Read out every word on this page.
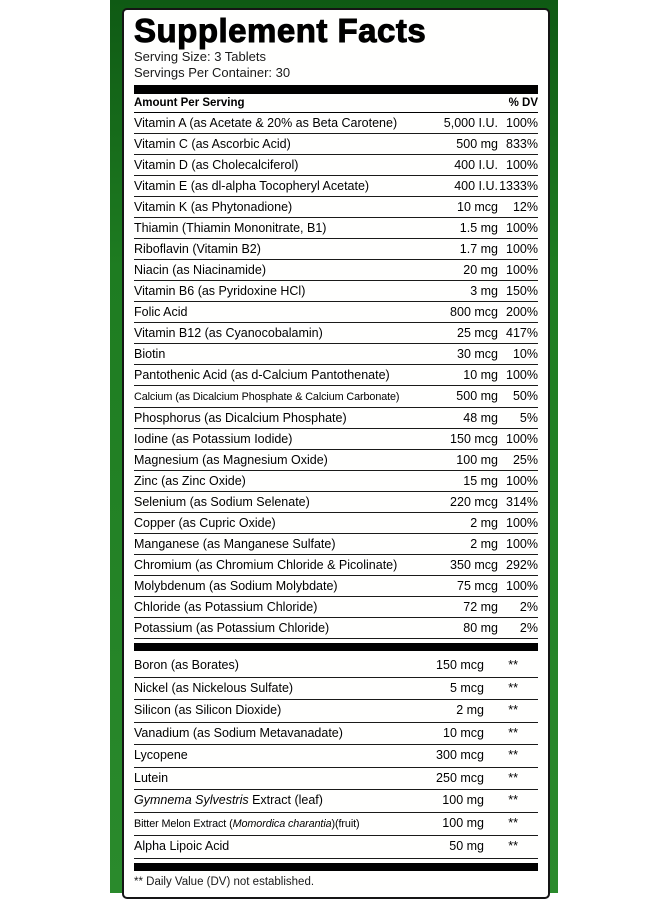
Supplement Facts
Serving Size: 3 Tablets
Servings Per Container: 30
Amount Per Serving	% DV
Vitamin A (as Acetate & 20% as Beta Carotene)	5,000 I.U. 100%
Vitamin C (as Ascorbic Acid)	500 mg 833%
Vitamin D (as Cholecalciferol)	400 I.U. 100%
Vitamin E (as dl-alpha Tocopheryl Acetate)	400 I.U. 1333%
Vitamin K (as Phytonadione)	10 mcg	12%
Thiamin (Thiamin Mononitrate, B1)	1.5 mg 100%
Riboflavin (Vitamin B2)	1.7 mg 100%
Niacin (as Niacinamide)	20 mg 100%
Vitamin B6 (as Pyridoxine HCl)	3 mg 150%
Folic Acid	800 mcg 200%
Vitamin B12 (as Cyanocobalamin)	25 mcg 417%
Biotin	30 mcg	10%
Pantothenic Acid (as d-Calcium Pantothenate)	10 mg 100%
Calcium (as Dicalcium Phosphate & Calcium Carbonate)	500 mg	50%
Phosphorus (as Dicalcium Phosphate)	48 mg	5%
Iodine (as Potassium Iodide)	150 mcg 100%
Magnesium (as Magnesium Oxide)	100 mg	25%
Zinc (as Zinc Oxide)	15 mg 100%
Selenium (as Sodium Selenate)	220 mcg 314%
Copper (as Cupric Oxide)	2 mg 100%
Manganese (as Manganese Sulfate)	2 mg 100%
Chromium (as Chromium Chloride & Picolinate)	350 mcg 292%
Molybdenum (as Sodium Molybdate)	75 mcg 100%
Chloride (as Potassium Chloride)	72 mg	2%
Potassium (as Potassium Chloride)	80 mg	2%
Boron (as Borates)	150 mcg	**
Nickel (as Nickelous Sulfate)	5 mcg	**
Silicon (as Silicon Dioxide)	2 mg	**
Vanadium (as Sodium Metavanadate)	10 mcg	**
Lycopene	300 mcg	**
Lutein	250 mcg	**
Gymnema Sylvestris Extract (leaf)	100 mg	**
Bitter Melon Extract (Momordica charantia)(fruit)	100 mg	**
Alpha Lipoic Acid	50 mg	**
** Daily Value (DV) not established.
